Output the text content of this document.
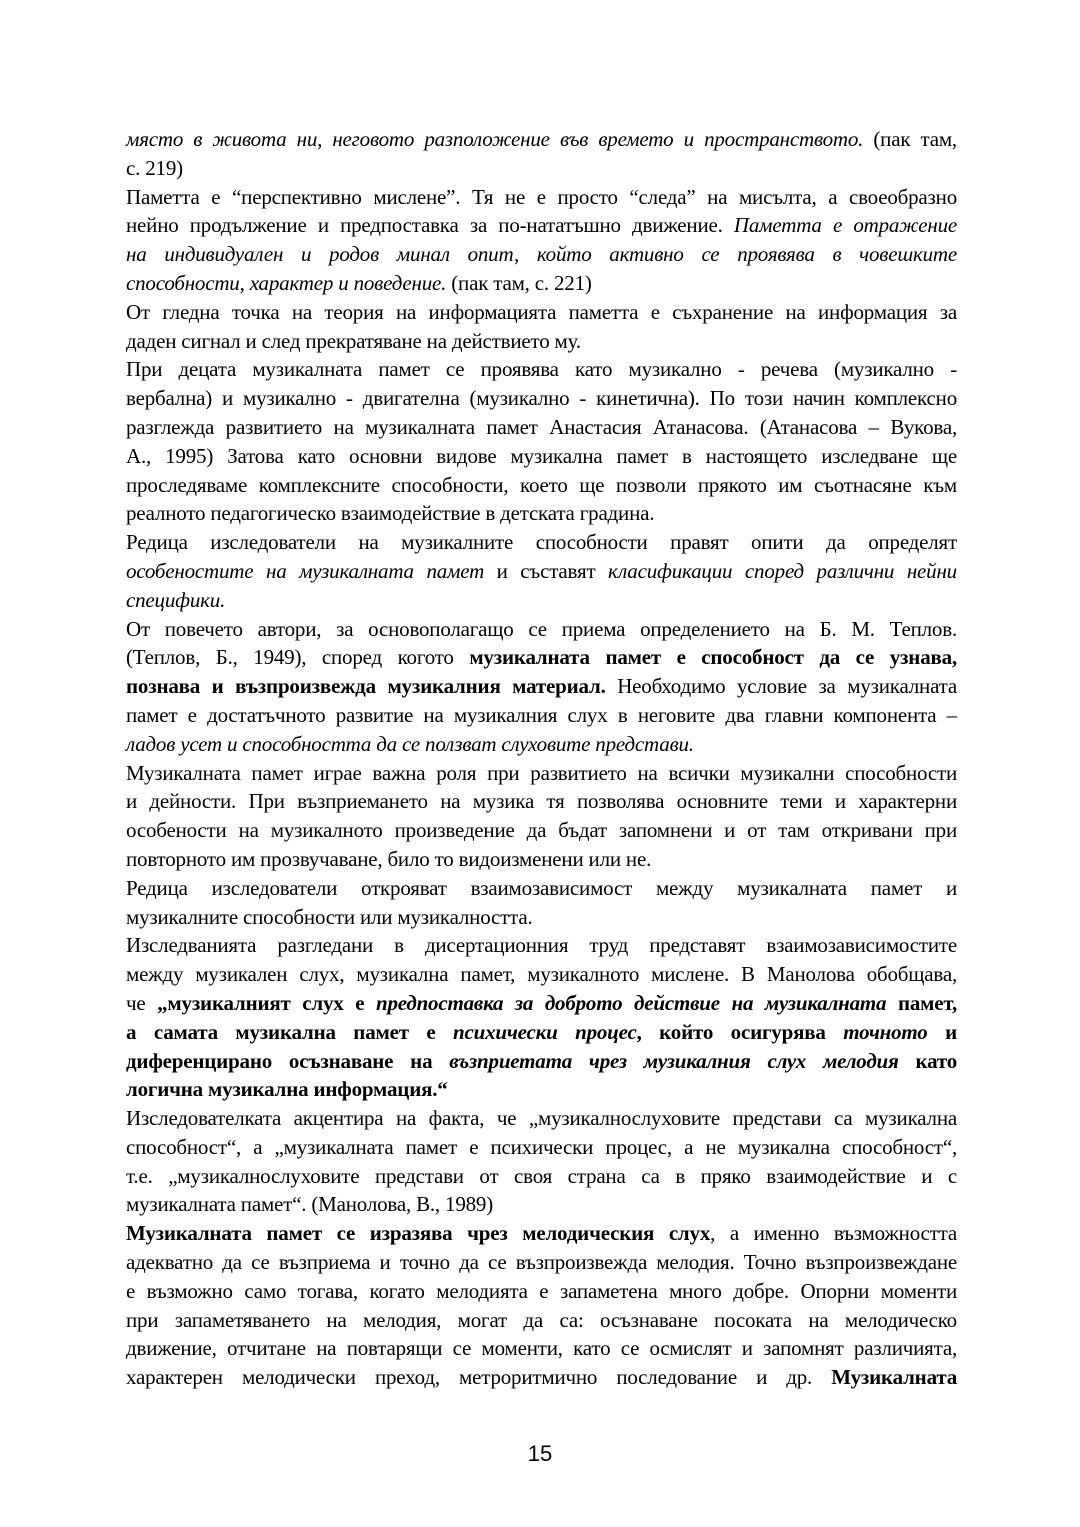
място в живота ни, неговото разположение във времето и пространството. (пак там,
с. 219)
Паметта е “перспективно мислене”. Тя не е просто “следа” на мисълта, а своеобразно
нейно продължение и предпоставка за по-нататъшно движение. Паметта е отражение
на индивидуален и родов минал опит, който активно се проявява в човешките
способности, характер и поведение. (пак там, с. 221)
От гледна точка на теория на информацията паметта е съхранение на информация за
даден сигнал и след прекратяване на действието му.
При децата музикалната памет се проявява като музикално - речева (музикално -
вербална) и музикално - двигателна (музикално - кинетична). По този начин комплексно
разглежда развитието на музикалната памет Анастасия Атанасова. (Атанасова – Вукова,
А., 1995) Затова като основни видове музикална памет в настоящето изследване ще
проследяваме комплексните способности, което ще позволи прякото им съотнасяне към
реалното педагогическо взаимодействие в детската градина.
Редица изследователи на музикалните способности правят опити да определят
особеностите на музикалната памет и съставят класификации според различни нейни
специфики.
От повечето автори, за основополагащо се приема определението на Б. М. Теплов.
(Теплов, Б., 1949), според когото музикалната памет е способност да се узнава,
познава и възпроизвежда музикалния материал. Необходимо условие за музикалната
памет е достатъчното развитие на музикалния слух в неговите два главни компонента –
ладов усет и способността да се ползват слуховите представи.
Музикалната памет играе важна роля при развитието на всички музикални способности
и дейности. При възприемането на музика тя позволява основните теми и характерни
особености на музикалното произведение да бъдат запомнени и от там откривани при
повторното им прозвучаване, било то видоизменени или не.
Редица изследователи открояват взаимозависимост между музикалната памет и
музикалните способности или музикалността.
Изследванията разгледани в дисертационния труд представят взаимозависимостите
между музикален слух, музикална памет, музикалното мислене. В Манолова обобщава,
че „музикалният слух е предпоставка за доброто действие на музикалната памет,
а самата музикална памет е психически процес, който осигурява точното и
диференцирано осъзнаване на възприетата чрез музикалния слух мелодия като
логична музикална информация.“
Изследователката акцентира на факта, че „музикалнослуховите представи са музикална
способност“, а „музикалната памет е психически процес, а не музикална способност“,
т.е. „музикалнослуховите представи от своя страна са в пряко взаимодействие и с
музикалната памет“. (Манолова, В., 1989)
Музикалната памет се изразява чрез мелодическия слух, а именно възможността
адекватно да се възприема и точно да се възпроизвежда мелодия. Точно възпроизвеждане
е възможно само тогава, когато мелодията е запаметена много добре. Опорни моменти
при запаметяването на мелодия, могат да са: осъзнаване посоката на мелодическо
движение, отчитане на повтарящи се моменти, като се осмислят и запомнят различията,
характерен мелодически преход, метроритмично последование и др. Музикалната
15
